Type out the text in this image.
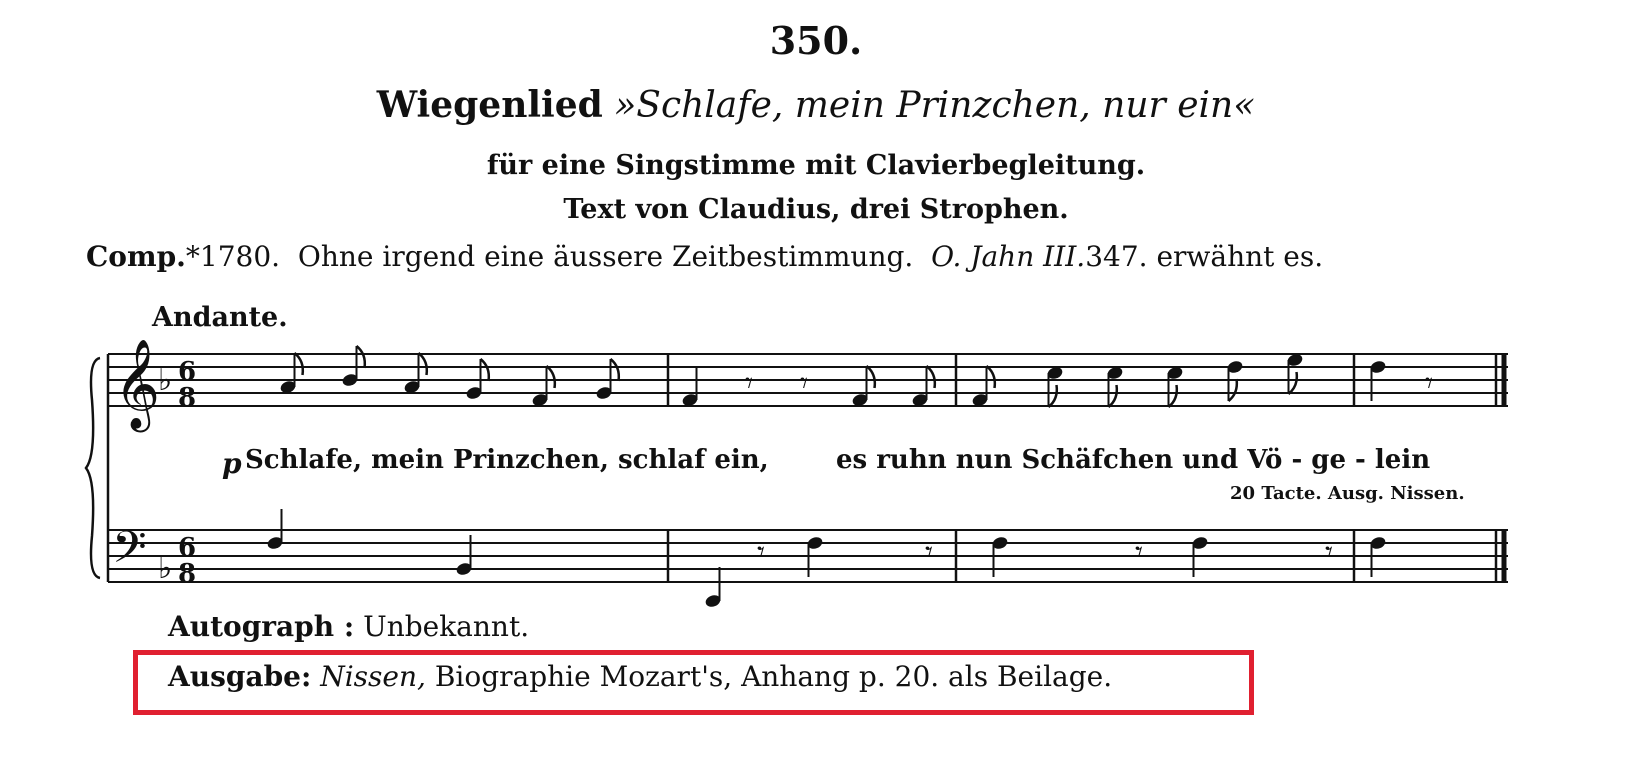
350.
Wiegenlied »Schlafe, mein Prinzchen, nur ein«
für eine Singstimme mit Clavierbegleitung.
Text von Claudius, drei Strophen.
Comp.*1780. Ohne irgend eine äussere Zeitbestimmung. O. Jahn III.347. erwähnt es.
Andante.
𝄞
♭ 6
8
𝄢 ♭
6
8
𝄾 𝄾	𝄾
𝄾	𝄾	𝄾	𝄾
p Schlafe, mein Prinzchen, schlaf ein,	es ruhn nun Schäfchen und Vö - ge - lein
20 Tacte. Ausg. Nissen.
Autograph : Unbekannt.
Ausgabe: Nissen, Biographie Mozart's, Anhang p. 20. als Beilage.
